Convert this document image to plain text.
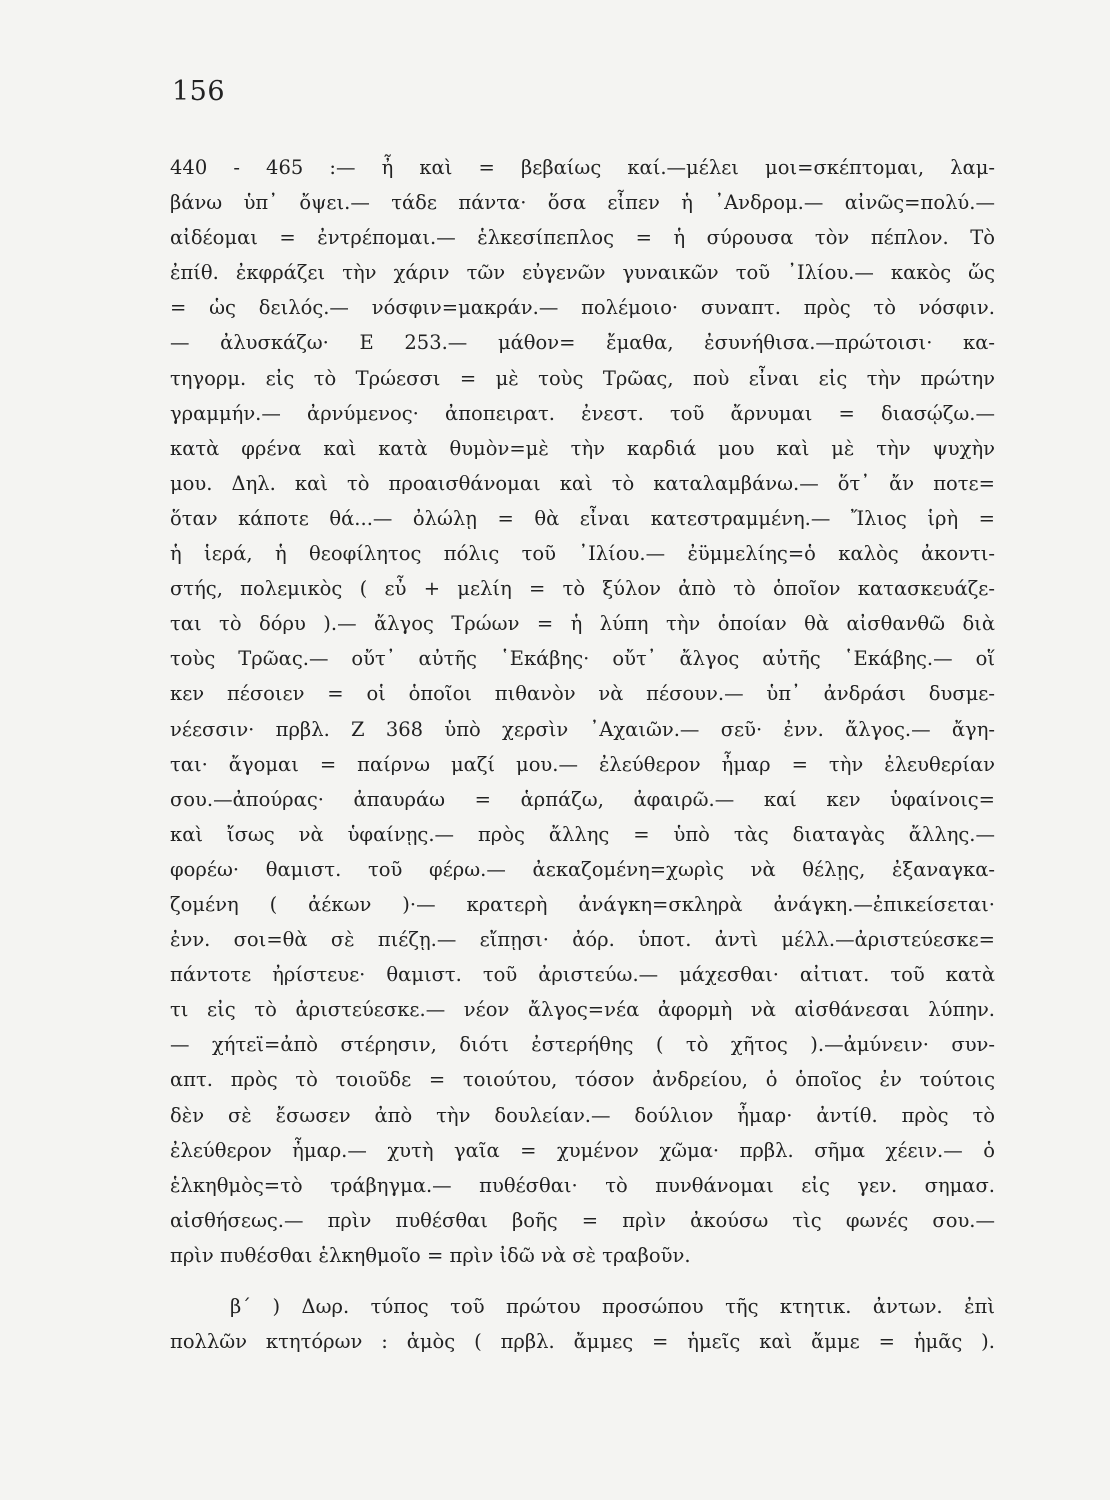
156
440 - 465 :— ἦ καὶ = βεβαίως καί.—μέλει μοι=σκέπτομαι, λαμ-
βάνω ὑπ᾽ ὄψει.— τάδε πάντα· ὅσα εἶπεν ἡ ᾿Ανδρομ.— αἰνῶς=πολύ.—
αἰδέομαι = ἐντρέπομαι.— ἑλκεσίπεπλος = ἡ σύρουσα τὸν πέπλον. Τὸ
ἐπίθ. ἐκφράζει τὴν χάριν τῶν εὐγενῶν γυναικῶν τοῦ ᾿Ιλίου.— κακὸς ὥς
= ὡς δειλός.— νόσφιν=μακράν.— πολέμοιο· συναπτ. πρὸς τὸ νόσφιν.
— ἀλυσκάζω· Ε 253.— μάθον= ἔμαθα, ἐσυνήθισα.—πρώτοισι· κα-
τηγορμ. εἰς τὸ Τρώεσσι = μὲ τοὺς Τρῶας, ποὺ εἶναι εἰς τὴν πρώτην
γραμμήν.— ἀρνύμενος· ἀποπειρατ. ἐνεστ. τοῦ ἄρνυμαι = διασῴζω.—
κατὰ φρένα καὶ κατὰ θυμὸν=μὲ τὴν καρδιά μου καὶ μὲ τὴν ψυχὴν
μου. Δηλ. καὶ τὸ προαισθάνομαι καὶ τὸ καταλαμβάνω.— ὅτ᾽ ἄν ποτε=
ὅταν κάποτε θά...— ὀλώλῃ = θὰ εἶναι κατεστραμμένη.— Ἴλιος ἱρὴ =
ἡ ἱερά, ἡ θεοφίλητος πόλις τοῦ ᾿Ιλίου.— ἐϋμμελίης=ὁ καλὸς ἀκοντι-
στής, πολεμικὸς ( εὖ + μελίη = τὸ ξύλον ἀπὸ τὸ ὁποῖον κατασκευάζε-
ται τὸ δόρυ ).— ἄλγος Τρώων = ἡ λύπη τὴν ὁποίαν θὰ αἰσθανθῶ διὰ
τοὺς Τρῶας.— οὔτ᾽ αὐτῆς ῾Εκάβης· οὔτ᾽ ἄλγος αὐτῆς ῾Εκάβης.— οἵ
κεν πέσοιεν = οἱ ὁποῖοι πιθανὸν νὰ πέσουν.— ὑπ᾽ ἀνδράσι δυσμε-
νέεσσιν· πρβλ. Ζ 368 ὑπὸ χερσὶν ᾿Αχαιῶν.— σεῦ· ἐνν. ἄλγος.— ἄγη-
ται· ἄγομαι = παίρνω μαζί μου.— ἐλεύθερον ἦμαρ = τὴν ἐλευθερίαν
σου.—ἀπούρας· ἀπαυράω = ἁρπάζω, ἀφαιρῶ.— καί κεν ὑφαίνοις=
καὶ ἴσως νὰ ὑφαίνῃς.— πρὸς ἄλλης = ὑπὸ τὰς διαταγὰς ἄλλης.—
φορέω· θαμιστ. τοῦ φέρω.— ἀεκαζομένη=χωρὶς νὰ θέλῃς, ἐξαναγκα-
ζομένη ( ἀέκων )·— κρατερὴ ἀνάγκη=σκληρὰ ἀνάγκη.—ἐπικείσεται·
ἐνν. σοι=θὰ σὲ πιέζῃ.— εἴπῃσι· ἀόρ. ὑποτ. ἀντὶ μέλλ.—ἀριστεύεσκε=
πάντοτε ἠρίστευε· θαμιστ. τοῦ ἀριστεύω.— μάχεσθαι· αἰτιατ. τοῦ κατὰ
τι εἰς τὸ ἀριστεύεσκε.— νέον ἄλγος=νέα ἀφορμὴ νὰ αἰσθάνεσαι λύπην.
— χήτεϊ=ἀπὸ στέρησιν, διότι ἐστερήθης ( τὸ χῆτος ).—ἀμύνειν· συν-
απτ. πρὸς τὸ τοιοῦδε = τοιούτου, τόσον ἀνδρείου, ὁ ὁποῖος ἐν τούτοις
δὲν σὲ ἔσωσεν ἀπὸ τὴν δουλείαν.— δούλιον ἦμαρ· ἀντίθ. πρὸς τὸ
ἐλεύθερον ἦμαρ.— χυτὴ γαῖα = χυμένον χῶμα· πρβλ. σῆμα χέειν.— ὁ
ἑλκηθμὸς=τὸ τράβηγμα.— πυθέσθαι· τὸ πυνθάνομαι εἰς γεν. σημασ.
αἰσθήσεως.— πρὶν πυθέσθαι βοῆς = πρὶν ἀκούσω τὶς φωνές σου.—
πρὶν πυθέσθαι ἑλκηθμοῖο = πρὶν ἰδῶ νὰ σὲ τραβοῦν.
β΄ ) Δωρ. τύπος τοῦ πρώτου προσώπου τῆς κτητικ. ἀντων. ἐπὶ
πολλῶν κτητόρων : ἁμὸς ( πρβλ. ἄμμες = ἡμεῖς καὶ ἄμμε = ἡμᾶς ).
